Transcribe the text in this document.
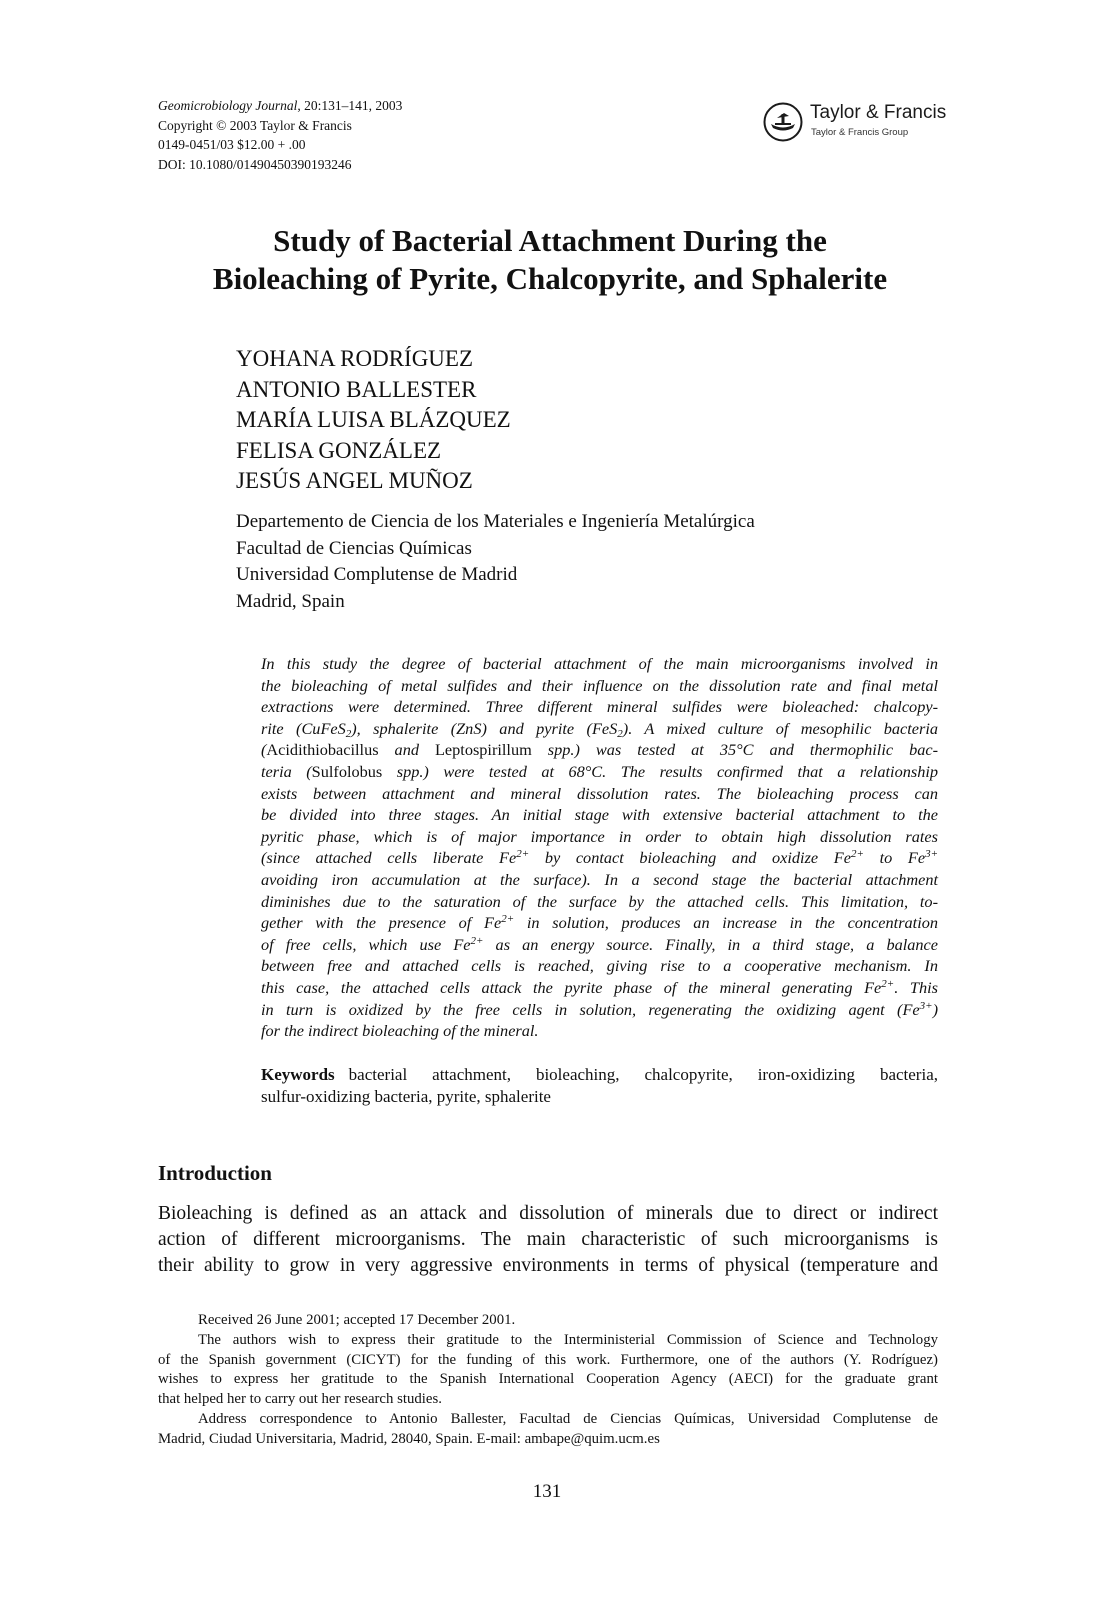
Geomicrobiology Journal, 20:131–141, 2003
Copyright © 2003 Taylor & Francis
0149-0451/03 $12.00 + .00
DOI: 10.1080/01490450390193246
Taylor & Francis
Taylor & Francis Group
Study of Bacterial Attachment During the
Bioleaching of Pyrite, Chalcopyrite, and Sphalerite
YOHANA RODRÍGUEZ
ANTONIO BALLESTER
MARÍA LUISA BLÁZQUEZ
FELISA GONZÁLEZ
JESÚS ANGEL MUÑOZ
Departemento de Ciencia de los Materiales e Ingeniería Metalúrgica
Facultad de Ciencias Químicas
Universidad Complutense de Madrid
Madrid, Spain
In this study the degree of bacterial attachment of the main microorganisms involved in
the bioleaching of metal sulfides and their influence on the dissolution rate and final metal
extractions were determined. Three different mineral sulfides were bioleached: chalcopy-
rite (CuFeS$_2$), sphalerite (ZnS) and pyrite (FeS$_2$). A mixed culture of mesophilic bacteria
(Acidithiobacillus and Leptospirillum spp.) was tested at 35°C and thermophilic bac-
teria (Sulfolobus spp.) were tested at 68°C. The results confirmed that a relationship
exists between attachment and mineral dissolution rates. The bioleaching process can
be divided into three stages. An initial stage with extensive bacterial attachment to the
pyritic phase, which is of major importance in order to obtain high dissolution rates
(since attached cells liberate $Fe^{2+}$ by contact bioleaching and oxidize $Fe^{2+}$ to $Fe^{3+}$
avoiding iron accumulation at the surface). In a second stage the bacterial attachment
diminishes due to the saturation of the surface by the attached cells. This limitation, to-
gether with the presence of $Fe^{2+}$ in solution, produces an increase in the concentration
of free cells, which use $Fe^{2+}$ as an energy source. Finally, in a third stage, a balance
between free and attached cells is reached, giving rise to a cooperative mechanism. In
this case, the attached cells attack the pyrite phase of the mineral generating $Fe^{2+}$. This
in turn is oxidized by the free cells in solution, regenerating the oxidizing agent $(Fe^{3+})$
for the indirect bioleaching of the mineral.
Keywords bacterial attachment, bioleaching, chalcopyrite, iron-oxidizing bacteria,
sulfur-oxidizing bacteria, pyrite, sphalerite
Introduction
Bioleaching is defined as an attack and dissolution of minerals due to direct or indirect
action of different microorganisms. The main characteristic of such microorganisms is
their ability to grow in very aggressive environments in terms of physical (temperature and
Received 26 June 2001; accepted 17 December 2001.
The authors wish to express their gratitude to the Interministerial Commission of Science and Technology
of the Spanish government (CICYT) for the funding of this work. Furthermore, one of the authors (Y. Rodríguez)
wishes to express her gratitude to the Spanish International Cooperation Agency (AECI) for the graduate grant
that helped her to carry out her research studies.
Address correspondence to Antonio Ballester, Facultad de Ciencias Químicas, Universidad Complutense de
Madrid, Ciudad Universitaria, Madrid, 28040, Spain. E-mail: ambape@quim.ucm.es
131
